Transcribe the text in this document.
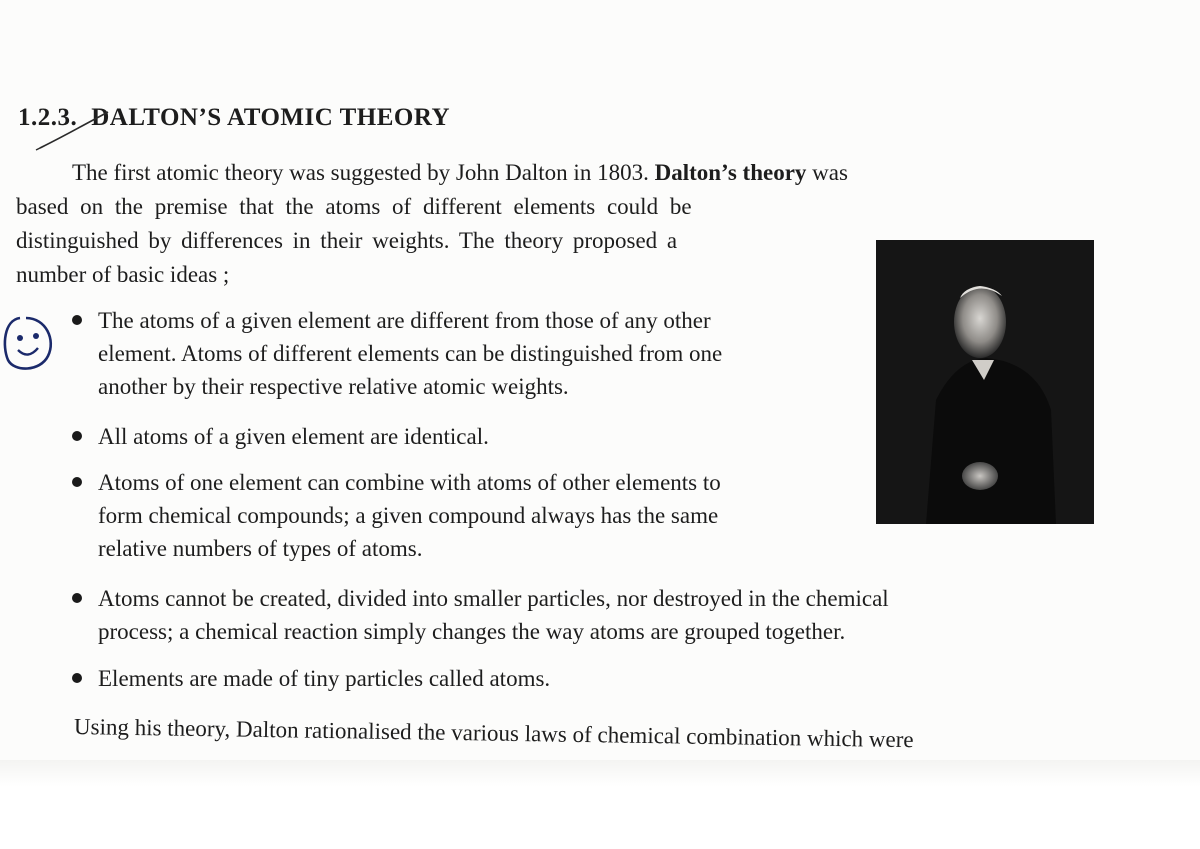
1.2.3. DALTON’S ATOMIC THEORY
The first atomic theory was suggested by John Dalton in 1803. Dalton’s theory was
based on the premise that the atoms of different elements could be
distinguished by differences in their weights. The theory proposed a
number of basic ideas ;
The atoms of a given element are different from those of any other
element. Atoms of different elements can be distinguished from one
another by their respective relative atomic weights.
All atoms of a given element are identical.
Atoms of one element can combine with atoms of other elements to
form chemical compounds; a given compound always has the same
relative numbers of types of atoms.
Atoms cannot be created, divided into smaller particles, nor destroyed in the chemical
process; a chemical reaction simply changes the way atoms are grouped together.
Elements are made of tiny particles called atoms.
Using his theory, Dalton rationalised the various laws of chemical combination which were
